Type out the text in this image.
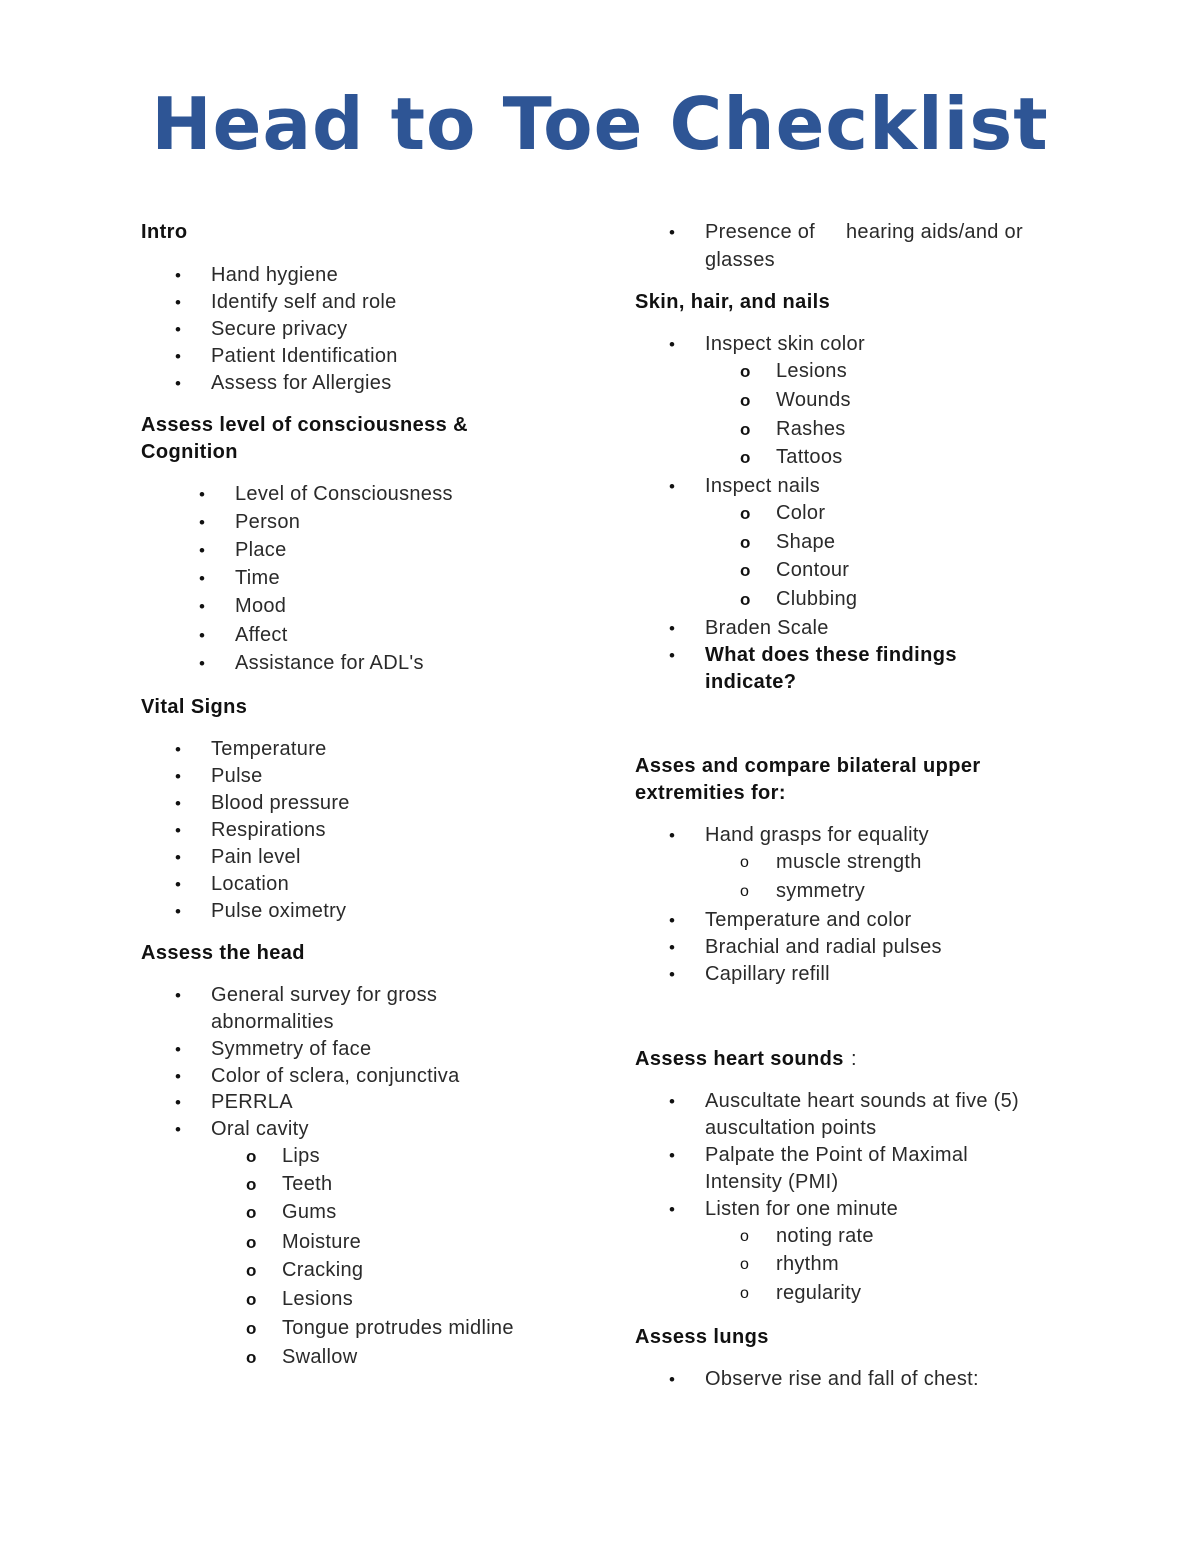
Head to Toe Checklist
Intro
• Hand hygiene
• Identify self and role
• Secure privacy
• Patient Identification
• Assess for Allergies
Assess level of consciousness &
Cognition
• Level of Consciousness
• Person
• Place
• Time
• Mood
• Affect
• Assistance for ADL's
Vital Signs
• Temperature
• Pulse
• Blood pressure
• Respirations
• Pain level
• Location
• Pulse oximetry
Assess the head
• General survey for gross
abnormalities
• Symmetry of face
• Color of sclera, conjunctiva
• PERRLA
• Oral cavity
o Lips
o Teeth
o Gums
o Moisture
o Cracking
o Lesions
o Tongue protrudes midline
o Swallow
• Presence of hearing aids/and or
glasses
Skin, hair, and nails
• Inspect skin color
o Lesions
o Wounds
o Rashes
o Tattoos
• Inspect nails
o Color
o Shape
o Contour
o Clubbing
• Braden Scale
• What does these findings
indicate?
Asses and compare bilateral upper
extremities for:
• Hand grasps for equality
o muscle strength
o symmetry
• Temperature and color
• Brachial and radial pulses
• Capillary refill
Assess heart sounds :
• Auscultate heart sounds at five (5)
auscultation points
• Palpate the Point of Maximal
Intensity (PMI)
• Listen for one minute
o noting rate
o rhythm
o regularity
Assess lungs
• Observe rise and fall of chest:
